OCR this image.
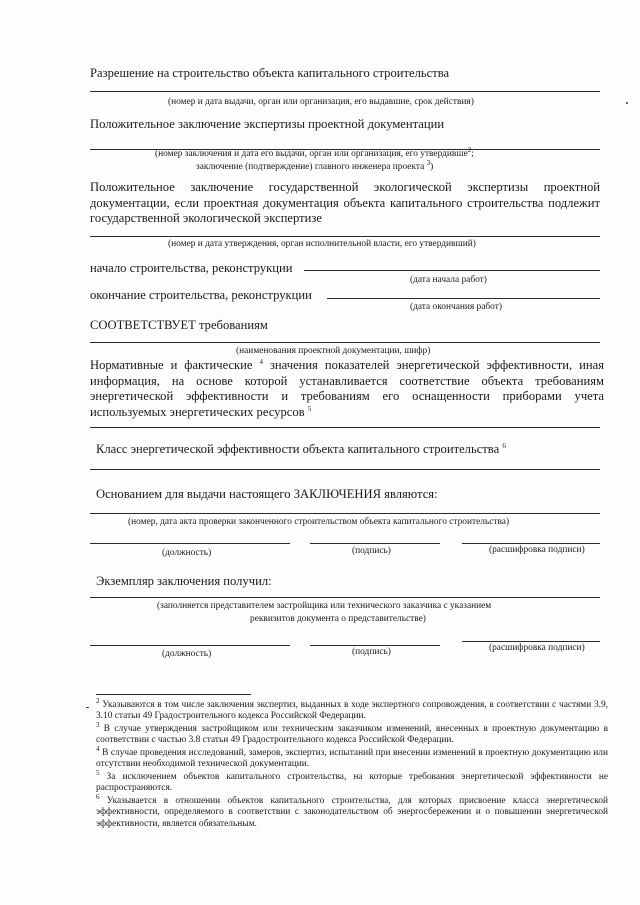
Разрешение на строительство объекта капитального строительства
(номер и дата выдачи, орган или организация, его выдавшие, срок действия)
Положительное заключение экспертизы проектной документации
(номер заключения и дата его выдачи, орган или организация, его утвердивше$^2$;
заключение (подтверждение) главного инженера проекта $^3$)
Положительное заключение государственной экологической экспертизы проектной документации, если проектная документация объекта капитального строительства подлежит государственной экологической экспертизе
(номер и дата утверждения, орган исполнительной власти, его утвердивший)
начало строительства, реконструкции
(дата начала работ)
окончание строительства, реконструкции
(дата окончания работ)
СООТВЕТСТВУЕТ требованиям
(наименования проектной документации, шифр)
Нормативные и фактические $^4$ значения показателей энергетической эффективности, иная информация, на основе которой устанавливается соответствие объекта требованиям энергетической эффективности и требованиям его оснащенности приборами учета используемых энергетических ресурсов $^5$
Класс энергетической эффективности объекта капитального строительства $^6$
Основанием для выдачи настоящего ЗАКЛЮЧЕНИЯ являются:
(номер, дата акта проверки законченного строительством объекта капитального строительства)
(должность)	(подпись)	(расшифровка подписи)
Экземпляр заключения получил:
(заполняется представителем застройщика или технического заказчика с указанием
реквизитов документа о представительстве)
(должность)	(подпись)	(расшифровка подписи)
$^2$ Указываются в том числе заключения экспертиз, выданных в ходе экспертного сопровождения, в соответствии с частями 3.9, 3.10 статьи 49 Градостроительного кодекса Российской Федерации.
$^3$ В случае утверждения застройщиком или техническим заказчиком изменений, внесенных в проектную документацию в соответствии с частью 3.8 статьи 49 Градостроительного кодекса Российской Федерации.
$^4$ В случае проведения исследований, замеров, экспертиз, испытаний при внесении изменений в проектную документацию или отсутствии необходимой технической документации.
$^5$ За исключением объектов капитального строительства, на которые требования энергетической эффективности не распространяются.
$^6$ Указывается в отношении объектов капитального строительства, для которых присвоение класса энергетической эффективности, определяемого в соответствии с законодательством об энергосбережении и о повышении энергетической эффективности, является обязательным.
